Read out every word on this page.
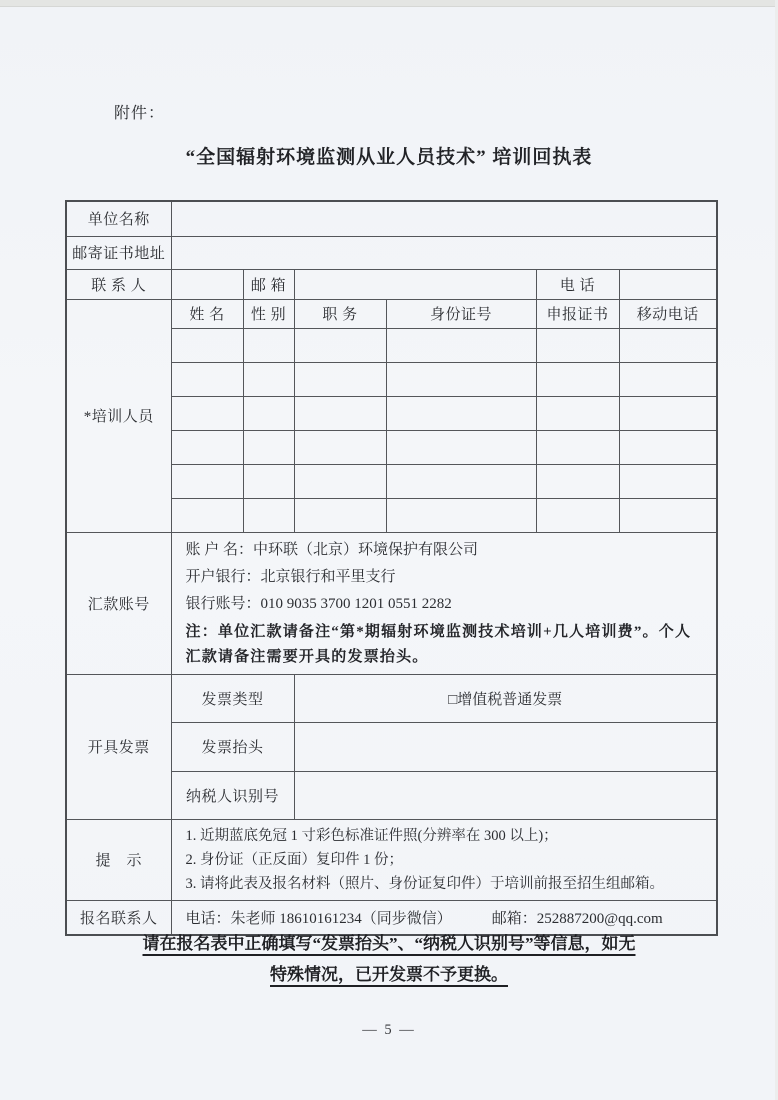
附件：
“全国辐射环境监测从业人员技术” 培训回执表
单位名称						
邮寄证书地址						
联 系 人		邮 箱			电 话	
*培训人员	姓 名	性 别	职 务	身份证号	申报证书	移动电话

汇款账号	账 户 名：中环联（北京）环境保护有限公司
开户银行：北京银行和平里支行
银行账号：010 9035 3700 1201 0551 2282
注：单位汇款请备注“第*期辐射环境监测技术培训+几人培训费”。个人汇款请备注需要开具的发票抬头。					

开具发票	发票类型		□增值税普通发票			
	发票抬头					
	纳税人识别号					
提　示	1. 近期蓝底免冠 1 寸彩色标准证件照(分辨率在 300 以上)；
2. 身份证（正反面）复印件 1 份；
3. 请将此表及报名材料（照片、身份证复印件）于培训前报至招生组邮箱。					

报名联系人	电话：朱老师 18610161234（同步微信） 邮箱：252887200@qq.com					
请在报名表中正确填写“发票抬头”、“纳税人识别号”等信息，如无
特殊情况，已开发票不予更换。
— 5 —
